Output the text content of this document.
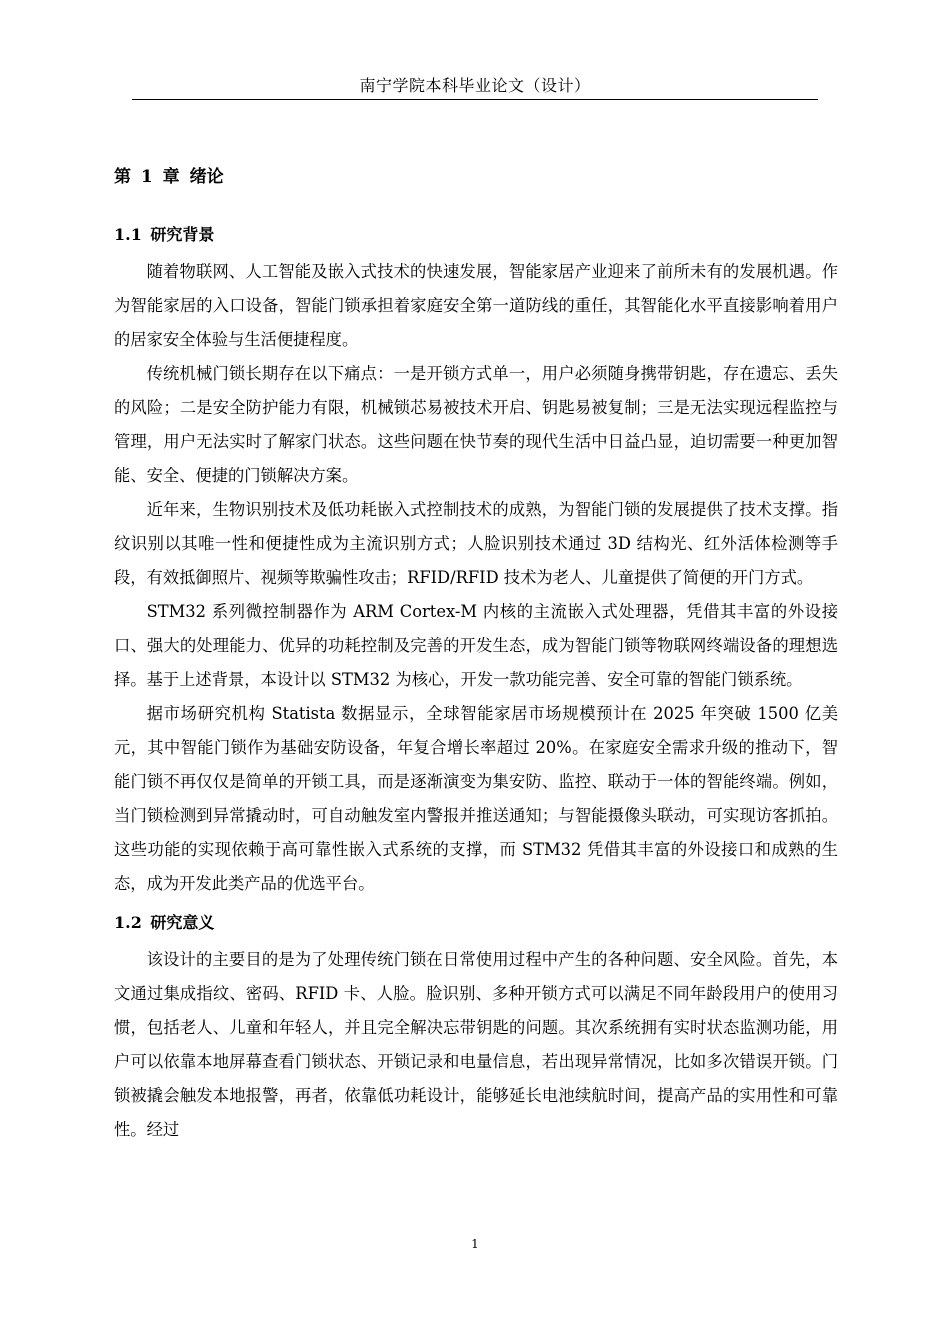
南宁学院本科毕业论文（设计）
第 1 章 绪论
1.1 研究背景

随着物联网、人工智能及嵌入式技术的快速发展，智能家居产业迎来了前所未有的发展机遇。作为智能家居的入口设备，智能门锁承担着家庭安全第一道防线的重任，其智能化水平直接影响着用户的居家安全体验与生活便捷程度。

传统机械门锁长期存在以下痛点：一是开锁方式单一，用户必须随身携带钥匙，存在遗忘、丢失的风险；二是安全防护能力有限，机械锁芯易被技术开启、钥匙易被复制；三是无法实现远程监控与管理，用户无法实时了解家门状态。这些问题在快节奏的现代生活中日益凸显，迫切需要一种更加智能、安全、便捷的门锁解决方案。

近年来，生物识别技术及低功耗嵌入式控制技术的成熟，为智能门锁的发展提供了技术支撑。指纹识别以其唯一性和便捷性成为主流识别方式；人脸识别技术通过 3D 结构光、红外活体检测等手段，有效抵御照片、视频等欺骗性攻击；RFID/RFID 技术为老人、儿童提供了简便的开门方式。

STM32 系列微控制器作为 ARM Cortex-M 内核的主流嵌入式处理器，凭借其丰富的外设接口、强大的处理能力、优异的功耗控制及完善的开发生态，成为智能门锁等物联网终端设备的理想选择。基于上述背景，本设计以 STM32 为核心，开发一款功能完善、安全可靠的智能门锁系统。

据市场研究机构 Statista 数据显示，全球智能家居市场规模预计在 2025 年突破 1500 亿美元，其中智能门锁作为基础安防设备，年复合增长率超过 20%。在家庭安全需求升级的推动下，智能门锁不再仅仅是简单的开锁工具，而是逐渐演变为集安防、监控、联动于一体的智能终端。例如，当门锁检测到异常撬动时，可自动触发室内警报并推送通知；与智能摄像头联动，可实现访客抓拍。这些功能的实现依赖于高可靠性嵌入式系统的支撑，而 STM32 凭借其丰富的外设接口和成熟的生态，成为开发此类产品的优选平台。

1.2 研究意义

该设计的主要目的是为了处理传统门锁在日常使用过程中产生的各种问题、安全风险。首先，本文通过集成指纹、密码、RFID 卡、人脸。脸识别、多种开锁方式可以满足不同年龄段用户的使用习惯，包括老人、儿童和年轻人，并且完全解决忘带钥匙的问题。其次系统拥有实时状态监测功能，用户可以依靠本地屏幕查看门锁状态、开锁记录和电量信息，若出现异常情况，比如多次错误开锁。门锁被撬会触发本地报警，再者，依靠低功耗设计，能够延长电池续航时间，提高产品的实用性和可靠性。经过

1
